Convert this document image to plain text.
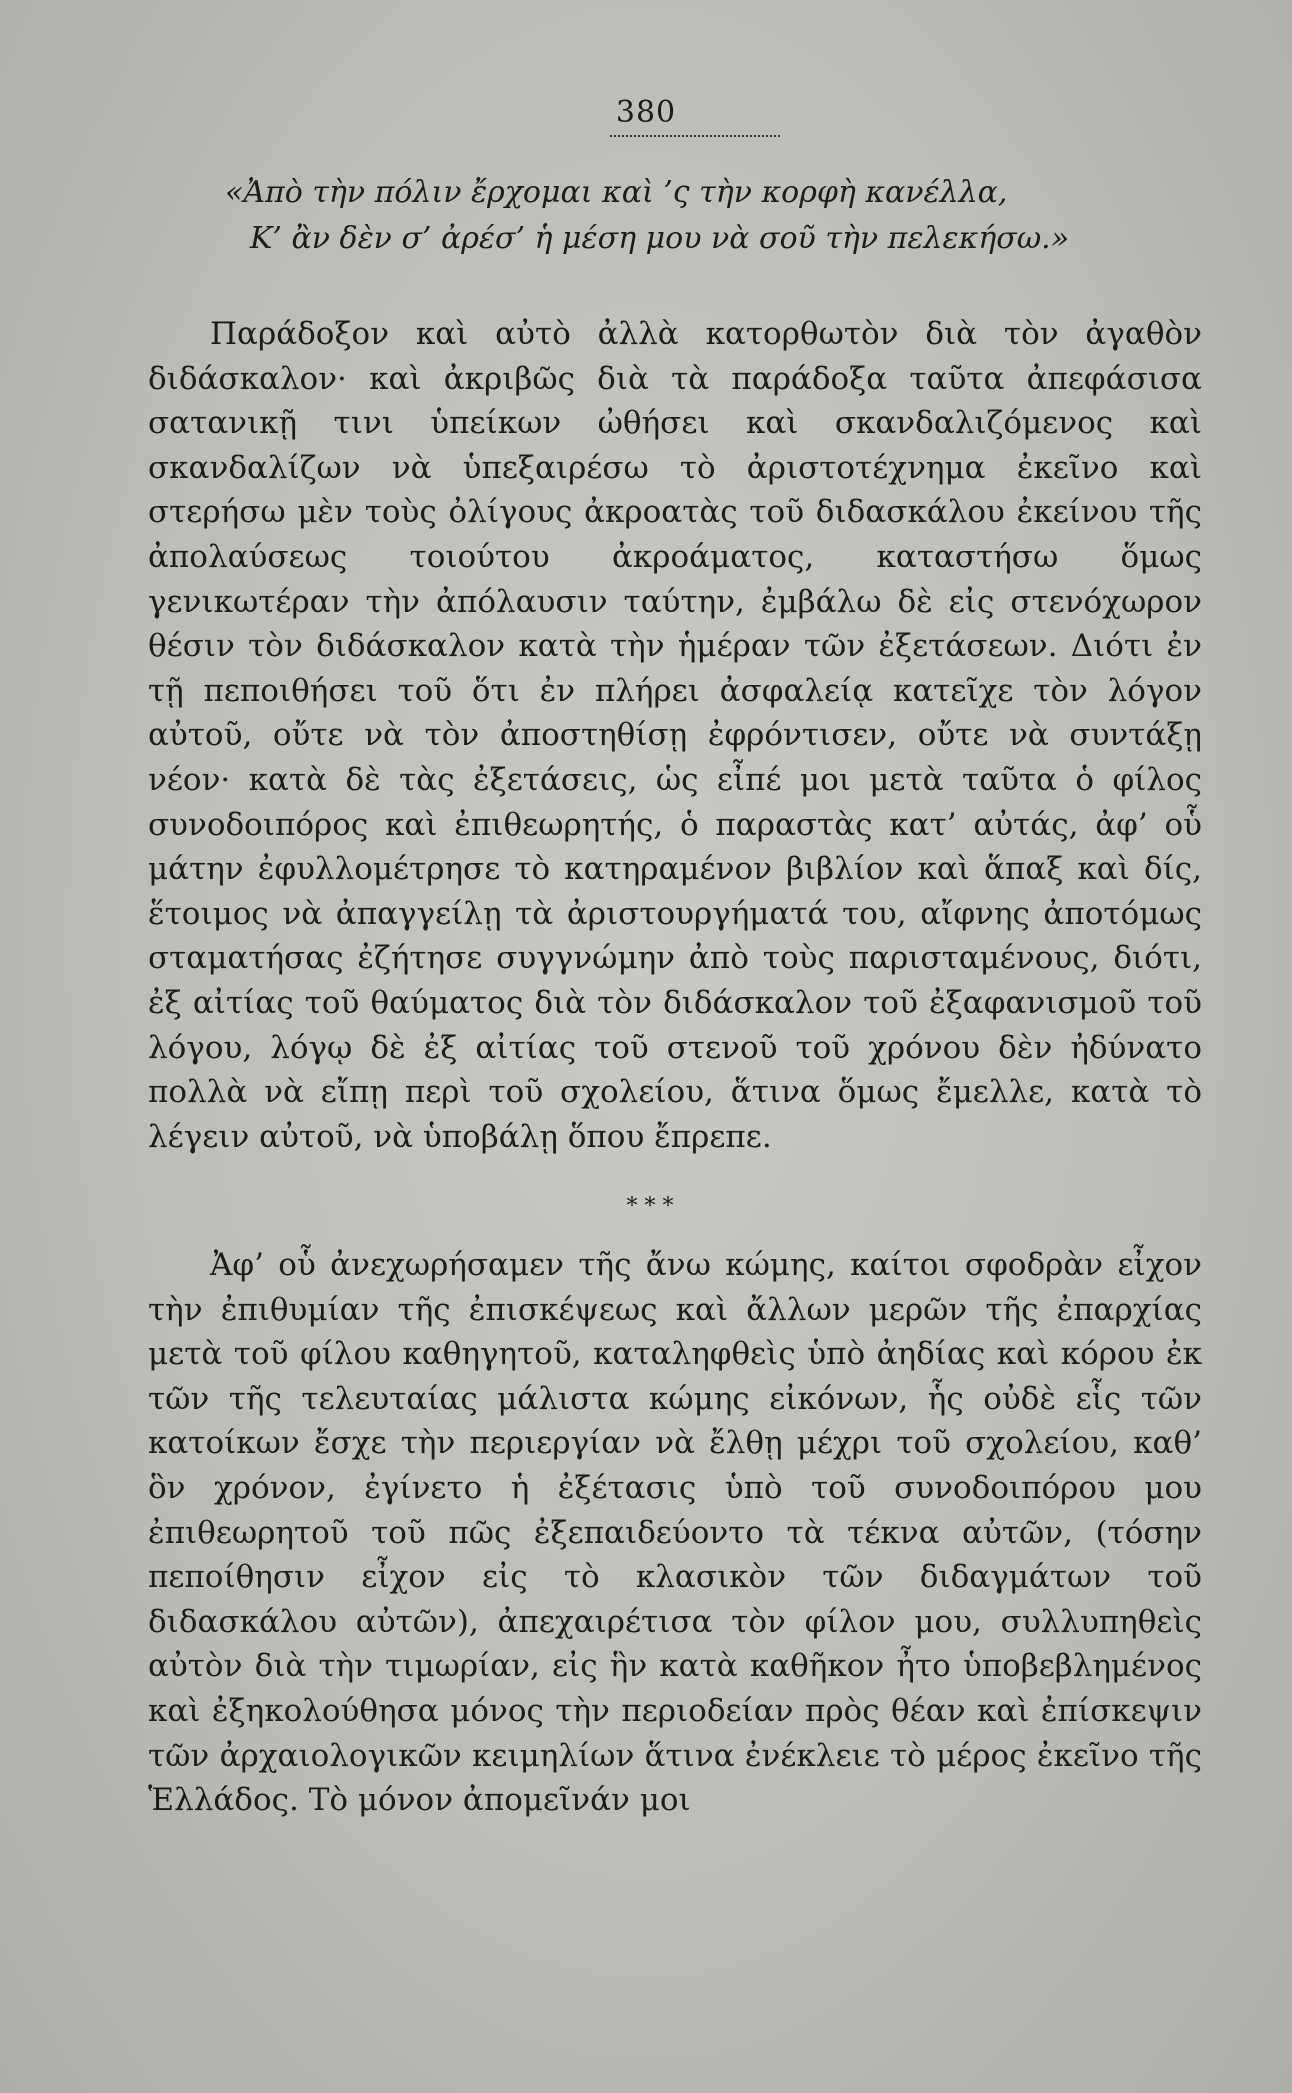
380
«Ἀπὸ τὴν πόλιν ἔρχομαι καὶ ’ς τὴν κορφὴ κανέλλα,
Κ’ ἂν δὲν σ’ ἀρέσ’ ἡ μέση μου νὰ σοῦ τὴν πελεκήσω.»

Παράδοξον καὶ αὐτὸ ἀλλὰ κατορθωτὸν διὰ τὸν ἀγαθὸν διδάσκαλον· καὶ ἀκριβῶς διὰ τὰ παράδοξα ταῦτα ἀπεφάσισα σατανικῇ τινι ὑπείκων ὠθήσει καὶ σκανδαλιζόμενος καὶ σκανδαλίζων νὰ ὑπεξαιρέσω τὸ ἀριστοτέχνημα ἐκεῖνο καὶ στερήσω μὲν τοὺς ὀλίγους ἀκροατὰς τοῦ διδασκάλου ἐκείνου τῆς ἀπολαύσεως τοιούτου ἀκροάματος, καταστήσω ὅμως γενικωτέραν τὴν ἀπόλαυσιν ταύτην, ἐμβάλω δὲ εἰς στενόχωρον θέσιν τὸν διδάσκαλον κατὰ τὴν ἡμέραν τῶν ἐξετάσεων. Διότι ἐν τῇ πεποιθήσει τοῦ ὅτι ἐν πλήρει ἀσφαλείᾳ κατεῖχε τὸν λόγον αὐτοῦ, οὔτε νὰ τὸν ἀποστηθίσῃ ἐφρόντισεν, οὔτε νὰ συντάξῃ νέον· κατὰ δὲ τὰς ἐξετάσεις, ὡς εἶπέ μοι μετὰ ταῦτα ὁ φίλος συνοδοιπόρος καὶ ἐπιθεωρητής, ὁ παραστὰς κατ’ αὐτάς, ἀφ’ οὗ μάτην ἐφυλλομέτρησε τὸ κατηραμένον βιβλίον καὶ ἅπαξ καὶ δίς, ἕτοιμος νὰ ἀπαγγείλῃ τὰ ἀριστουργήματά του, αἴφνης ἀποτόμως σταματήσας ἐζήτησε συγγνώμην ἀπὸ τοὺς παρισταμένους, διότι, ἐξ αἰτίας τοῦ θαύματος διὰ τὸν διδάσκαλον τοῦ ἐξαφανισμοῦ τοῦ λόγου, λόγῳ δὲ ἐξ αἰτίας τοῦ στενοῦ τοῦ χρόνου δὲν ἠδύνατο πολλὰ νὰ εἴπῃ περὶ τοῦ σχολείου, ἅτινα ὅμως ἔμελλε, κατὰ τὸ λέγειν αὐτοῦ, νὰ ὑποβάλῃ ὅπου ἔπρεπε.

* * *

Ἀφ’ οὗ ἀνεχωρήσαμεν τῆς ἄνω κώμης, καίτοι σφοδρὰν εἶχον τὴν ἐπιθυμίαν τῆς ἐπισκέψεως καὶ ἄλλων μερῶν τῆς ἐπαρχίας μετὰ τοῦ φίλου καθηγητοῦ, καταληφθεὶς ὑπὸ ἀηδίας καὶ κόρου ἐκ τῶν τῆς τελευταίας μάλιστα κώμης εἰκόνων, ἧς οὐδὲ εἷς τῶν κατοίκων ἔσχε τὴν περιεργίαν νὰ ἔλθῃ μέχρι τοῦ σχολείου, καθ’ ὃν χρόνον, ἐγίνετο ἡ ἐξέτασις ὑπὸ τοῦ συνοδοιπόρου μου ἐπιθεωρητοῦ τοῦ πῶς ἐξεπαιδεύοντο τὰ τέκνα αὐτῶν, (τόσην πεποίθησιν εἶχον εἰς τὸ κλασικὸν τῶν διδαγμάτων τοῦ διδασκάλου αὐτῶν), ἀπεχαιρέτισα τὸν φίλον μου, συλλυπηθεὶς αὐτὸν διὰ τὴν τιμωρίαν, εἰς ἣν κατὰ καθῆκον ἦτο ὑποβεβλημένος καὶ ἐξηκολούθησα μόνος τὴν περιοδείαν πρὸς θέαν καὶ ἐπίσκεψιν τῶν ἀρχαιολογικῶν κειμηλίων ἅτινα ἐνέκλειε τὸ μέρος ἐκεῖνο τῆς Ἑλλάδος. Τὸ μόνον ἀπομεῖνάν μοι
